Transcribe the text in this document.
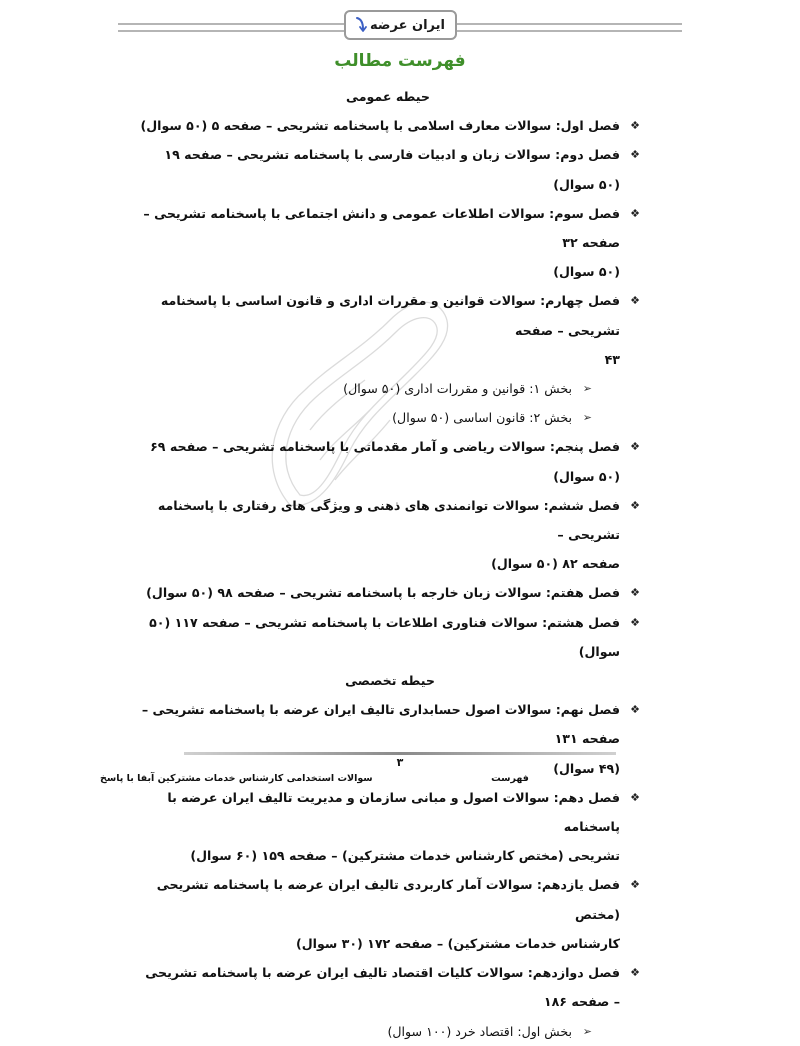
ایران عرضه
فهرست مطالب
حیطه عمومی
❖
فصل اول: سوالات معارف اسلامی با پاسخنامه تشریحی – صفحه ۵ (۵۰ سوال)
❖
فصل دوم: سوالات زبان و ادبیات فارسی با پاسخنامه تشریحی – صفحه ۱۹ (۵۰ سوال)
❖
فصل سوم: سوالات اطلاعات عمومی و دانش اجتماعی با پاسخنامه تشریحی – صفحه ۳۲
(۵۰ سوال)
❖
فصل چهارم: سوالات قوانین و مقررات اداری و قانون اساسی با پاسخنامه تشریحی – صفحه
۴۳
➢
بخش ۱: قوانین و مقررات اداری (۵۰ سوال)
➢
بخش ۲: قانون اساسی (۵۰ سوال)
❖
فصل پنجم: سوالات ریاضی و آمار مقدماتی با پاسخنامه تشریحی – صفحه ۶۹ (۵۰ سوال)
❖
فصل ششم: سوالات توانمندی های ذهنی و ویژگی های رفتاری با پاسخنامه تشریحی –
صفحه ۸۲ (۵۰ سوال)
❖
فصل هفتم: سوالات زبان خارجه با پاسخنامه تشریحی – صفحه ۹۸ (۵۰ سوال)
❖
فصل هشتم: سوالات فناوری اطلاعات با پاسخنامه تشریحی – صفحه ۱۱۷ (۵۰ سوال)
حیطه تخصصی
❖
فصل نهم: سوالات اصول حسابداری تالیف ایران عرضه با پاسخنامه تشریحی – صفحه ۱۳۱
(۴۹ سوال)
❖
فصل دهم: سوالات اصول و مبانی سازمان و مدیریت تالیف ایران عرضه با پاسخنامه
تشریحی (مختص کارشناس خدمات مشترکین) – صفحه ۱۵۹ (۶۰ سوال)
❖
فصل یازدهم: سوالات آمار کاربردی تالیف ایران عرضه با پاسخنامه تشریحی (مختص
کارشناس خدمات مشترکین) – صفحه ۱۷۲ (۳۰ سوال)
❖
فصل دوازدهم: سوالات کلیات اقتصاد تالیف ایران عرضه با پاسخنامه تشریحی – صفحه ۱۸۶
➢
بخش اول: اقتصاد خرد (۱۰۰ سوال)
۳
سوالات استخدامی کارشناس خدمات مشترکین آبفا با پاسخ	فهرست
